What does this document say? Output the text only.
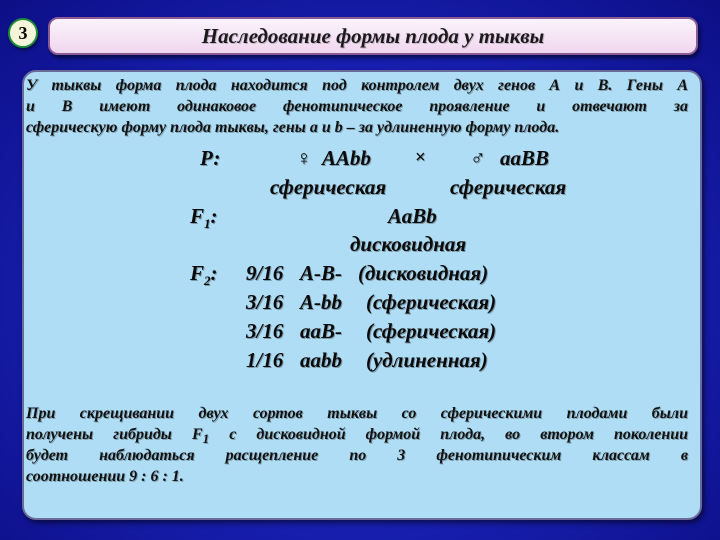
3	Наследование формы плода у тыквы
У тыквы форма плода находится под контролем двух генов А и В. Гены А
и В имеют одинаковое фенотипическое проявление и отвечают за
сферическую форму плода тыквы, гены а и b – за удлиненную форму плода.
Р:	♀ ААbb × ♂ ааВВ
сферическая	сферическая
$F_1$:	АаВb
дисковидная
$F_2$: 9/16 А-В- (дисковидная)
3/16 А-bb (сферическая)
3/16 ааВ- (сферическая)
1/16 ааbb (удлиненная)
При скрещивании двух сортов тыквы со сферическими плодами были
получены гибриды $F_1$ с дисковидной формой плода, во втором поколении
будет наблюдаться расщепление по 3 фенотипическим классам в
соотношении 9 : 6 : 1.
